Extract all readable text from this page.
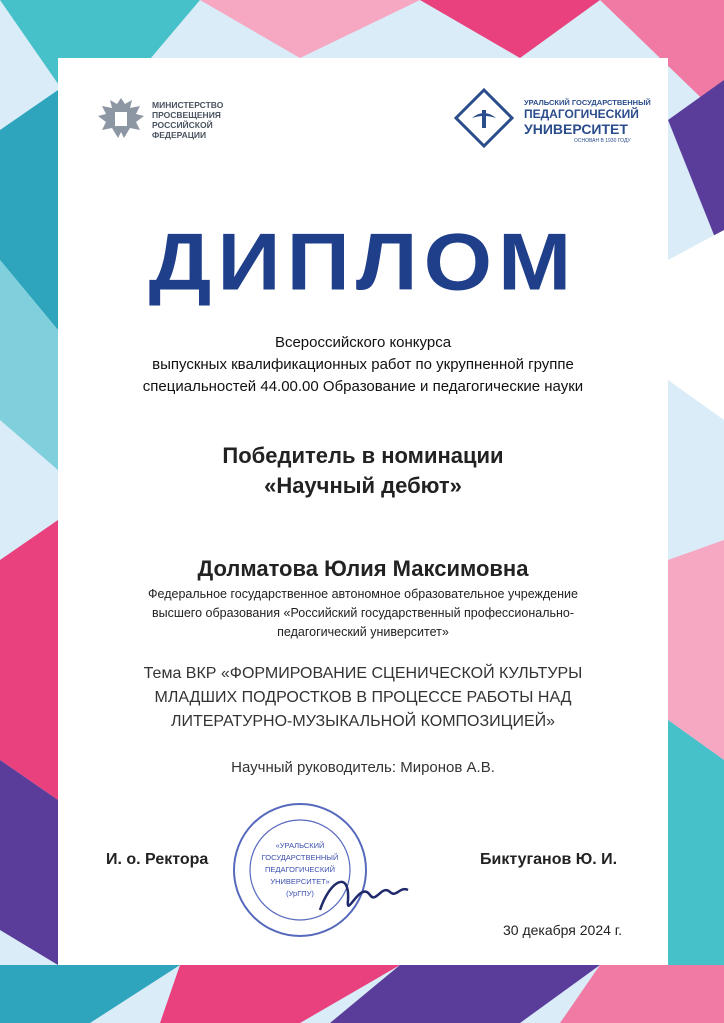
МИНИСТЕРСТВО
ПРОСВЕЩЕНИЯ
РОССИЙСКОЙ
ФЕДЕРАЦИИ
УРАЛЬСКИЙ ГОСУДАРСТВЕННЫЙ
ПЕДАГОГИЧЕСКИЙ
УНИВЕРСИТЕТ
ОСНОВАН В 1930 ГОДУ
ДИПЛОМ
Всероссийского конкурса
выпускных квалификационных работ по укрупненной группе
специальностей 44.00.00 Образование и педагогические науки
Победитель в номинации
«Научный дебют»
Долматова Юлия Максимовна
Федеральное государственное автономное образовательное учреждение
высшего образования «Российский государственный профессионально-
педагогический университет»
Тема ВКР «ФОРМИРОВАНИЕ СЦЕНИЧЕСКОЙ КУЛЬТУРЫ
МЛАДШИХ ПОДРОСТКОВ В ПРОЦЕССЕ РАБОТЫ НАД
ЛИТЕРАТУРНО-МУЗЫКАЛЬНОЙ КОМПОЗИЦИЕЙ»
Научный руководитель: Миронов А.В.
«УРАЛЬСКИЙ
ГОСУДАРСТВЕННЫЙ
ПЕДАГОГИЧЕСКИЙ
УНИВЕРСИТЕТ»
(УрГПУ)
И. о. Ректора	Биктуганов Ю. И.
30 декабря 2024 г.
